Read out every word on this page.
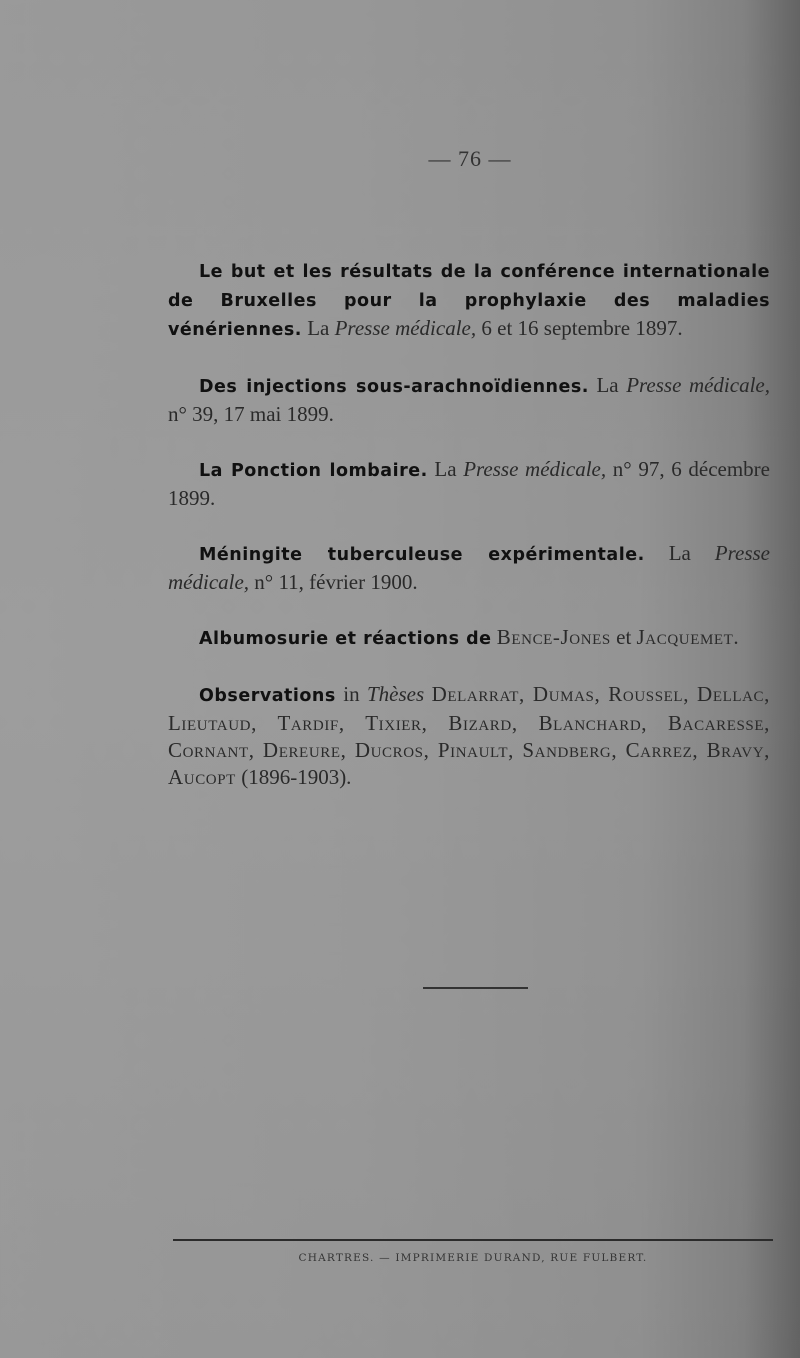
— 76 —

Le but et les résultats de la conférence internationale de Bruxelles pour la prophylaxie des maladies vénériennes. La Presse médicale, 6 et 16 septembre 1897.

Des injections sous-arachnoïdiennes. La Presse médicale, n° 39, 17 mai 1899.

La Ponction lombaire. La Presse médicale, n° 97, 6 décembre 1899.

Méningite tuberculeuse expérimentale. La Presse médicale, n° 11, février 1900.

Albumosurie et réactions de Bence-Jones et Jacquemet.

Observations in Thèses Delarrat, Dumas, Roussel, Dellac, Lieutaud, Tardif, Tixier, Bizard, Blanchard, Bacaresse, Cornant, Dereure, Ducros, Pinault, Sandberg, Carrez, Bravy, Aucopt (1896-1903).

CHARTRES. — IMPRIMERIE DURAND, RUE FULBERT.
